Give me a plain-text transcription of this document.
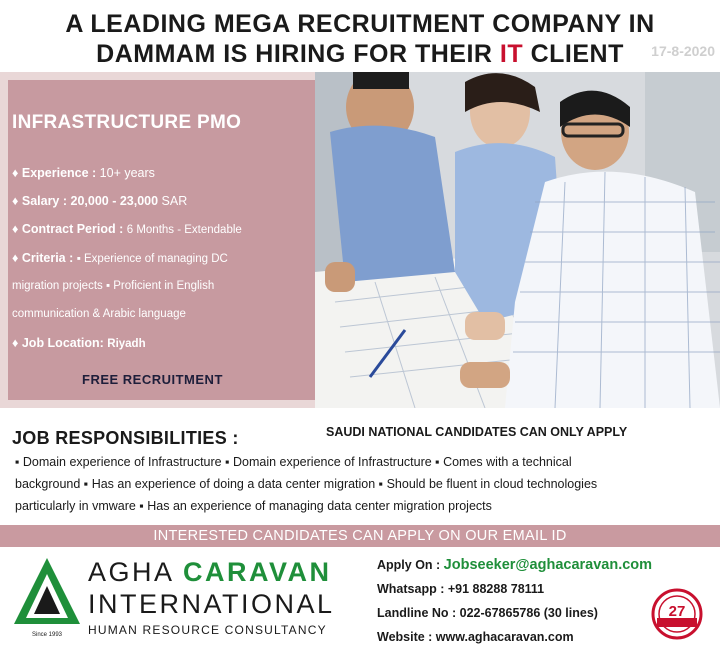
A LEADING MEGA RECRUITMENT COMPANY IN
DAMMAM IS HIRING FOR THEIR IT CLIENT	17-8-2020
INFRASTRUCTURE PMO
♦ Experience : 10+ years
♦ Salary : 20,000 - 23,000 SAR
♦ Contract Period : 6 Months - Extendable
♦ Criteria : ▪ Experience of managing DC
migration projects ▪ Proficient in English
communication & Arabic language
♦ Job Location: Riyadh
FREE RECRUITMENT
JOB RESPONSIBILITIES :	SAUDI NATIONAL CANDIDATES CAN ONLY APPLY

▪ Domain experience of Infrastructure ▪ Domain experience of Infrastructure ▪ Comes with a technical

background ▪ Has an experience of doing a data center migration ▪ Should be fluent in cloud technologies

particularly in vmware ▪ Has an experience of managing data center migration projects

INTERESTED CANDIDATES CAN APPLY ON OUR EMAIL ID
Since 1993
AGHA CARAVAN
INTERNATIONAL
HUMAN RESOURCE CONSULTANCY
Apply On : Jobseeker@aghacaravan.com
Whatsapp : +91 88288 78111
Landline No : 022-67865786 (30 lines)
Website : www.aghacaravan.com
27
